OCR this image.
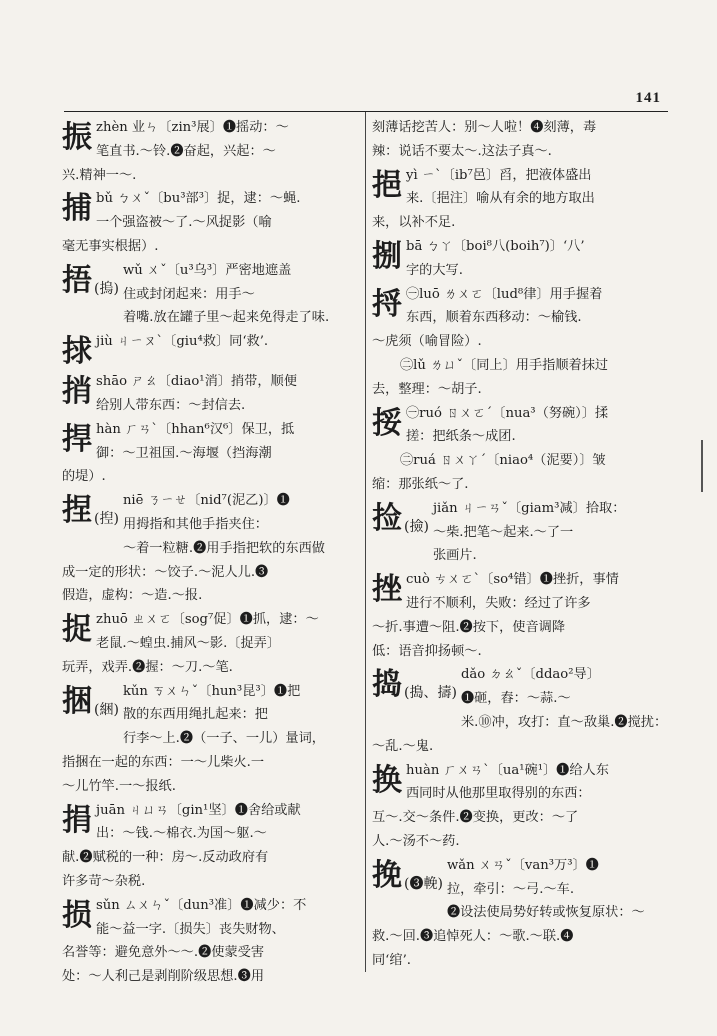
141
振 zhèn 业ㄣ〔zin³展〕❶摇动：～
笔直书.～铃.❷奋起，兴起：～
兴.精神一～.
捕 bǔ ㄅㄨˇ〔bu³部³〕捉，逮：～蝇.
一个强盗被～了.～风捉影（喻
毫无事实根据）.
捂 (摀)
wǔ ㄨˇ〔u³乌³〕严密地遮盖
住或封闭起来：用手～
着嘴.放在罐子里～起来免得走了味.
捄 jiù ㄐㄧㄡˋ〔giu⁴救〕同‘救’.
捎 shāo ㄕㄠ〔diao¹消〕捎带，顺便
给别人带东西：～封信去.
捍 hàn ㄏㄢˋ〔hhan⁶汉⁶〕保卫，抵
御：～卫祖国.～海堰（挡海潮
的堤）.
捏 (揑)
niē ㄋㄧㄝ〔nid⁷(泥乙)〕❶
用拇指和其他手指夹住：
～着一粒糖.❷用手指把软的东西做
成一定的形状：～饺子.～泥人儿.❸
假造，虚构：～造.～报.
捉 zhuō ㄓㄨㄛ〔sog⁷促〕❶抓，逮：～
老鼠.～蝗虫.捕风～影.〔捉弄〕
玩弄，戏弄.❷握：～刀.～笔.
捆 (綑)
kǔn ㄎㄨㄣˇ〔hun³昆³〕❶把
散的东西用绳扎起来：把
行李～上.❷（一子、一儿）量词，
指捆在一起的东西：一～儿柴火.一
～儿竹竿.一～报纸.
捐 juān ㄐㄩㄢ〔gin¹坚〕❶舍给或献
出：～钱.～棉衣.为国～躯.～
献.❷赋税的一种：房～.反动政府有
许多苛～杂税.
损 sǔn ㄙㄨㄣˇ〔dun³准〕❶减少：不
能～益一字.〔损失〕丧失财物、
名誉等：避免意外～～.❷使蒙受害
处：～人利己是剥削阶级思想.❸用
刻薄话挖苦人：别～人啦！❹刻薄，毒
辣：说话不要太～.这法子真～.
挹 yì ㄧˋ〔ib⁷邑〕舀，把液体盛出
来.〔挹注〕喻从有余的地方取出
来，以补不足.
捌 bā ㄅㄚ〔boi⁸八(boih⁷)〕‘八’
字的大写.
捋 ㊀luō ㄌㄨㄛ〔lud⁸律〕用手握着
东西，顺着东西移动：～榆钱.
～虎须（喻冒险）.
㊁lǔ ㄌㄩˇ〔同上〕用手指顺着抹过
去，整理：～胡子.
挼 ㊀ruó ㄖㄨㄛˊ〔nua³（努碗）〕揉
搓：把纸条～成团.
㊁ruá ㄖㄨㄚˊ〔niao⁴（泥要）〕皱
缩：那张纸～了.
捡 (撿)
jiǎn ㄐㄧㄢˇ〔giam³减〕拾取：
～柴.把笔～起来.～了一
张画片.
挫 cuò ㄘㄨㄛˋ〔so⁴错〕❶挫折，事情
进行不顺利，失败：经过了许多
～折.事遭～阻.❷按下，使音调降
低：语音抑扬顿～.
捣 (搗、擣)
dǎo ㄉㄠˇ〔ddao²导〕
❶砸，舂：～蒜.～
米.⑩冲，攻打：直～敌巢.❷搅扰：
～乱.～鬼.
换 huàn ㄏㄨㄢˋ〔ua¹碗¹〕❶给人东
西同时从他那里取得别的东西：
互～.交～条件.❷变换，更改：～了
人.～汤不～药.
挽 (❸輓)
wǎn ㄨㄢˇ〔van³万³〕❶
拉，牵引：～弓.～车.
❷设法使局势好转或恢复原状：～
救.～回.❸追悼死人：～歌.～联.❹
同‘绾’.
